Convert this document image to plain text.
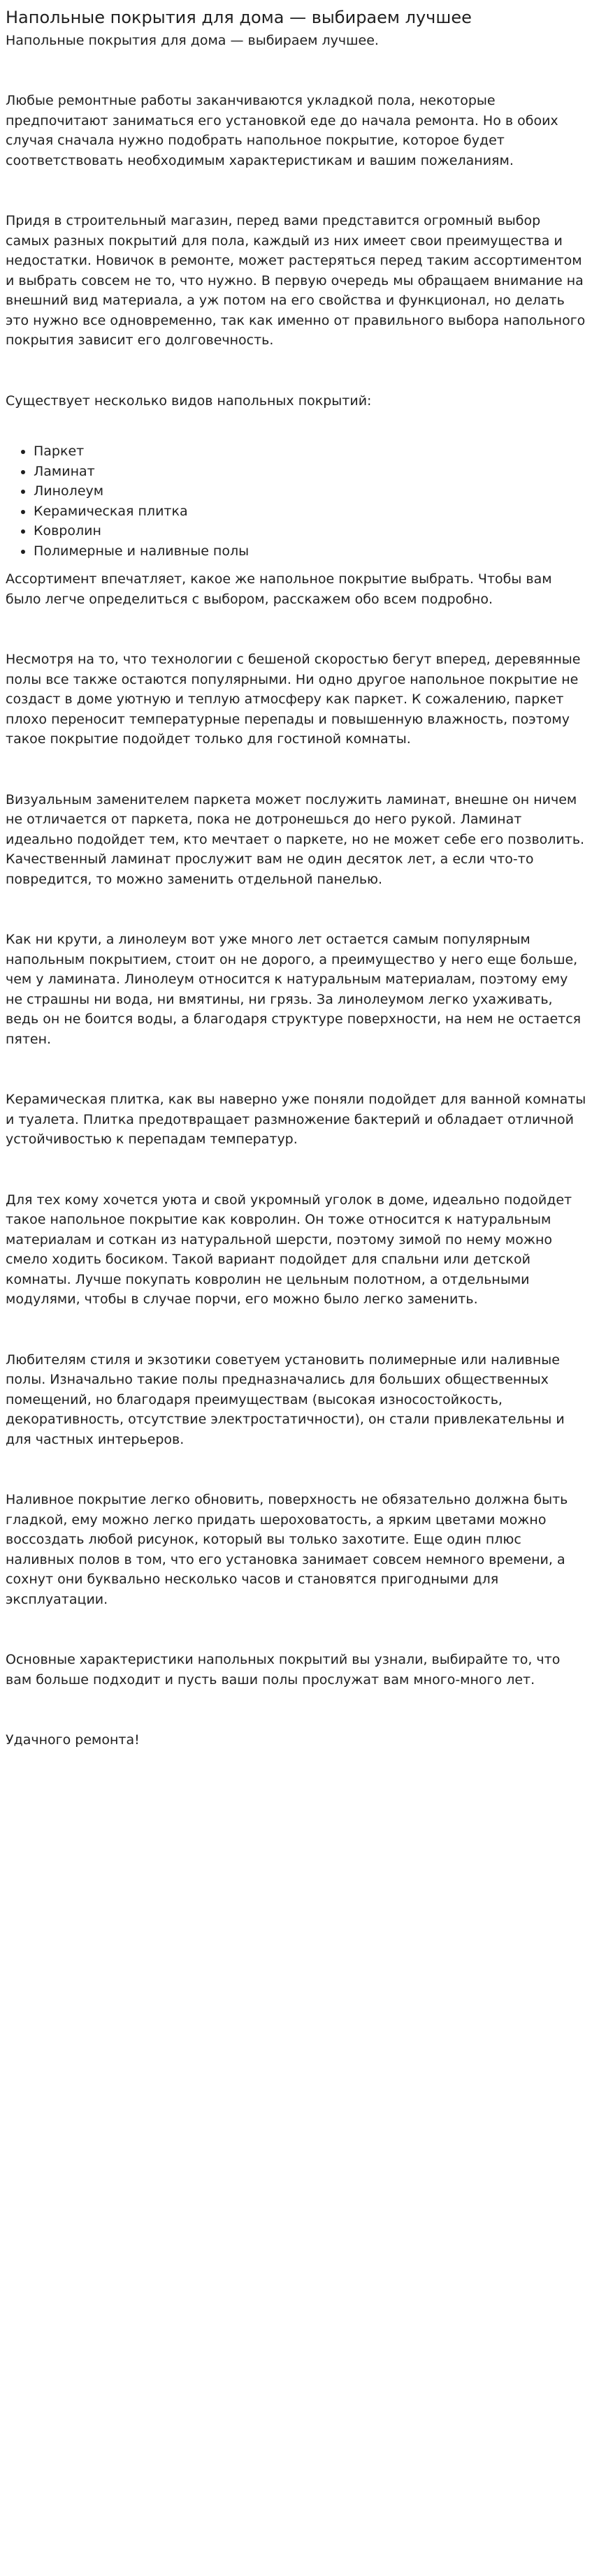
Напольные покрытия для дома — выбираем лучшее

Напольные покрытия для дома — выбираем лучшее.

Любые ремонтные работы заканчиваются укладкой пола, некоторые предпочитают заниматься его установкой еде до начала ремонта. Но в обоих случая сначала нужно подобрать напольное покрытие, которое будет соответствовать необходимым характеристикам и вашим пожеланиям.

Придя в строительный магазин, перед вами представится огромный выбор самых разных покрытий для пола, каждый из них имеет свои преимущества и недостатки. Новичок в ремонте, может растеряться перед таким ассортиментом и выбрать совсем не то, что нужно. В первую очередь мы обращаем внимание на внешний вид материала, а уж потом на его свойства и функционал, но делать это нужно все одновременно, так как именно от правильного выбора напольного покрытия зависит его долговечность.

Существует несколько видов напольных покрытий:

• Паркет
• Ламинат
• Линолеум
• Керамическая плитка
• Ковролин
• Полимерные и наливные полы

Ассортимент впечатляет, какое же напольное покрытие выбрать. Чтобы вам было легче определиться с выбором, расскажем обо всем подробно.

Несмотря на то, что технологии с бешеной скоростью бегут вперед, деревянные полы все также остаются популярными. Ни одно другое напольное покрытие не создаст в доме уютную и теплую атмосферу как паркет. К сожалению, паркет плохо переносит температурные перепады и повышенную влажность, поэтому такое покрытие подойдет только для гостиной комнаты.

Визуальным заменителем паркета может послужить ламинат, внешне он ничем не отличается от паркета, пока не дотронешься до него рукой. Ламинат идеально подойдет тем, кто мечтает о паркете, но не может себе его позволить. Качественный ламинат прослужит вам не один десяток лет, а если что-то повредится, то можно заменить отдельной панелью.

Как ни крути, а линолеум вот уже много лет остается самым популярным напольным покрытием, стоит он не дорого, а преимущество у него еще больше, чем у ламината. Линолеум относится к натуральным материалам, поэтому ему не страшны ни вода, ни вмятины, ни грязь. За линолеумом легко ухаживать, ведь он не боится воды, а благодаря структуре поверхности, на нем не остается пятен.

Керамическая плитка, как вы наверно уже поняли подойдет для ванной комнаты и туалета. Плитка предотвращает размножение бактерий и обладает отличной устойчивостью к перепадам температур.

Для тех кому хочется уюта и свой укромный уголок в доме, идеально подойдет такое напольное покрытие как ковролин. Он тоже относится к натуральным материалам и соткан из натуральной шерсти, поэтому зимой по нему можно смело ходить босиком. Такой вариант подойдет для спальни или детской комнаты. Лучше покупать ковролин не цельным полотном, а отдельными модулями, чтобы в случае порчи, его можно было легко заменить.

Любителям стиля и экзотики советуем установить полимерные или наливные полы. Изначально такие полы предназначались для больших общественных помещений, но благодаря преимуществам (высокая износостойкость, декоративность, отсутствие электростатичности), он стали привлекательны и для частных интерьеров.

Наливное покрытие легко обновить, поверхность не обязательно должна быть гладкой, ему можно легко придать шероховатость, а ярким цветами можно воссоздать любой рисунок, который вы только захотите. Еще один плюс наливных полов в том, что его установка занимает совсем немного времени, а сохнут они буквально несколько часов и становятся пригодными для эксплуатации.

Основные характеристики напольных покрытий вы узнали, выбирайте то, что вам больше подходит и пусть ваши полы прослужат вам много-много лет.

Удачного ремонта!
